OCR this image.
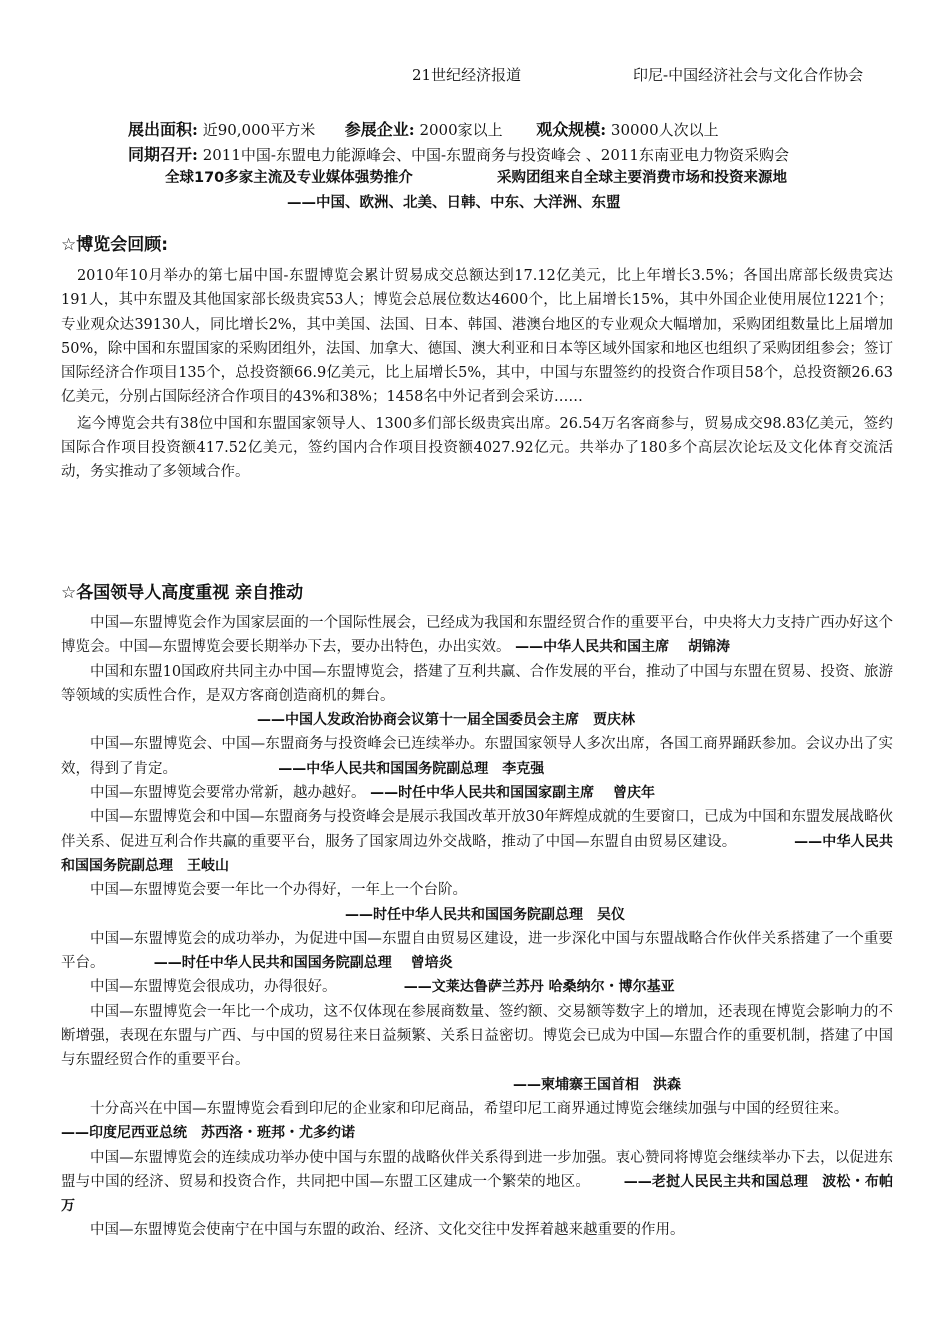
21世纪经济报道	印尼-中国经济社会与文化合作协会
展出面积: 近90,000平方米 参展企业: 2000家以上 观众规模: 30000人次以上
同期召开: 2011中国-东盟电力能源峰会、中国-东盟商务与投资峰会 、2011东南亚电力物资采购会
全球170多家主流及专业媒体强势推介	采购团组来自全球主要消费市场和投资来源地
——中国、欧洲、北美、日韩、中东、大洋洲、东盟
☆博览会回顾:

2010年10月举办的第七届中国-东盟博览会累计贸易成交总额达到17.12亿美元，比上年增长3.5%；各国出席部长级贵宾达191人，其中东盟及其他国家部长级贵宾53人；博览会总展位数达4600个，比上届增长15%，其中外国企业使用展位1221个；专业观众达39130人，同比增长2%，其中美国、法国、日本、韩国、港澳台地区的专业观众大幅增加，采购团组数量比上届增加50%，除中国和东盟国家的采购团组外，法国、加拿大、德国、澳大利亚和日本等区域外国家和地区也组织了采购团组参会；签订国际经济合作项目135个，总投资额66.9亿美元，比上届增长5%，其中，中国与东盟签约的投资合作项目58个，总投资额26.63亿美元，分别占国际经济合作项目的43%和38%；1458名中外记者到会采访……

迄今博览会共有38位中国和东盟国家领导人、1300多们部长级贵宾出席。26.54万名客商参与，贸易成交98.83亿美元，签约国际合作项目投资额417.52亿美元，签约国内合作项目投资额4027.92亿元。共举办了180多个高层次论坛及文化体育交流活动，务实推动了多领域合作。

☆各国领导人高度重视 亲自推动

中国—东盟博览会作为国家层面的一个国际性展会，已经成为我国和东盟经贸合作的重要平台，中央将大力支持广西办好这个博览会。中国—东盟博览会要长期举办下去，要办出特色，办出实效。 ——中华人民共和国主席　 胡锦涛

中国和东盟10国政府共同主办中国—东盟博览会，搭建了互利共赢、合作发展的平台，推动了中国与东盟在贸易、投资、旅游等领域的实质性合作，是双方客商创造商机的舞台。

——中国人发政治协商会议第十一届全国委员会主席　贾庆林

中国—东盟博览会、中国—东盟商务与投资峰会已连续举办。东盟国家领导人多次出席，各国工商界踊跃参加。会议办出了实效，得到了肯定。	——中华人民共和国国务院副总理　李克强

中国—东盟博览会要常办常新，越办越好。 ——时任中华人民共和国国家副主席　 曾庆年

中国—东盟博览会和中国—东盟商务与投资峰会是展示我国改革开放30年辉煌成就的生要窗口，已成为中国和东盟发展战略伙伴关系、促进互利合作共赢的重要平台，服务了国家周边外交战略，推动了中国—东盟自由贸易区建设。	——中华人民共和国国务院副总理　王岐山

中国—东盟博览会要一年比一个办得好，一年上一个台阶。

——时任中华人民共和国国务院副总理　吴仪

中国—东盟博览会的成功举办，为促进中国—东盟自由贸易区建设，进一步深化中国与东盟战略合作伙伴关系搭建了一个重要平台。	——时任中华人民共和国国务院副总理　 曾培炎

中国—东盟博览会很成功，办得很好。	——文莱达鲁萨兰苏丹 哈桑纳尔・博尔基亚

中国—东盟博览会一年比一个成功，这不仅体现在参展商数量、签约额、交易额等数字上的增加，还表现在博览会影响力的不断增强，表现在东盟与广西、与中国的贸易往来日益频繁、关系日益密切。博览会已成为中国—东盟合作的重要机制，搭建了中国与东盟经贸合作的重要平台。

——柬埔寨王国首相　洪森

十分高兴在中国—东盟博览会看到印尼的企业家和印尼商品，希望印尼工商界通过博览会继续加强与中国的经贸往来。  ——印度尼西亚总统　苏西洛・班邦・尤多约诺

中国—东盟博览会的连续成功举办使中国与东盟的战略伙伴关系得到进一步加强。衷心赞同将博览会继续举办下去，以促进东盟与中国的经济、贸易和投资合作，共同把中国—东盟工区建成一个繁荣的地区。 ——老挝人民民主共和国总理　波松・布帕万

中国—东盟博览会使南宁在中国与东盟的政治、经济、文化交往中发挥着越来越重要的作用。
